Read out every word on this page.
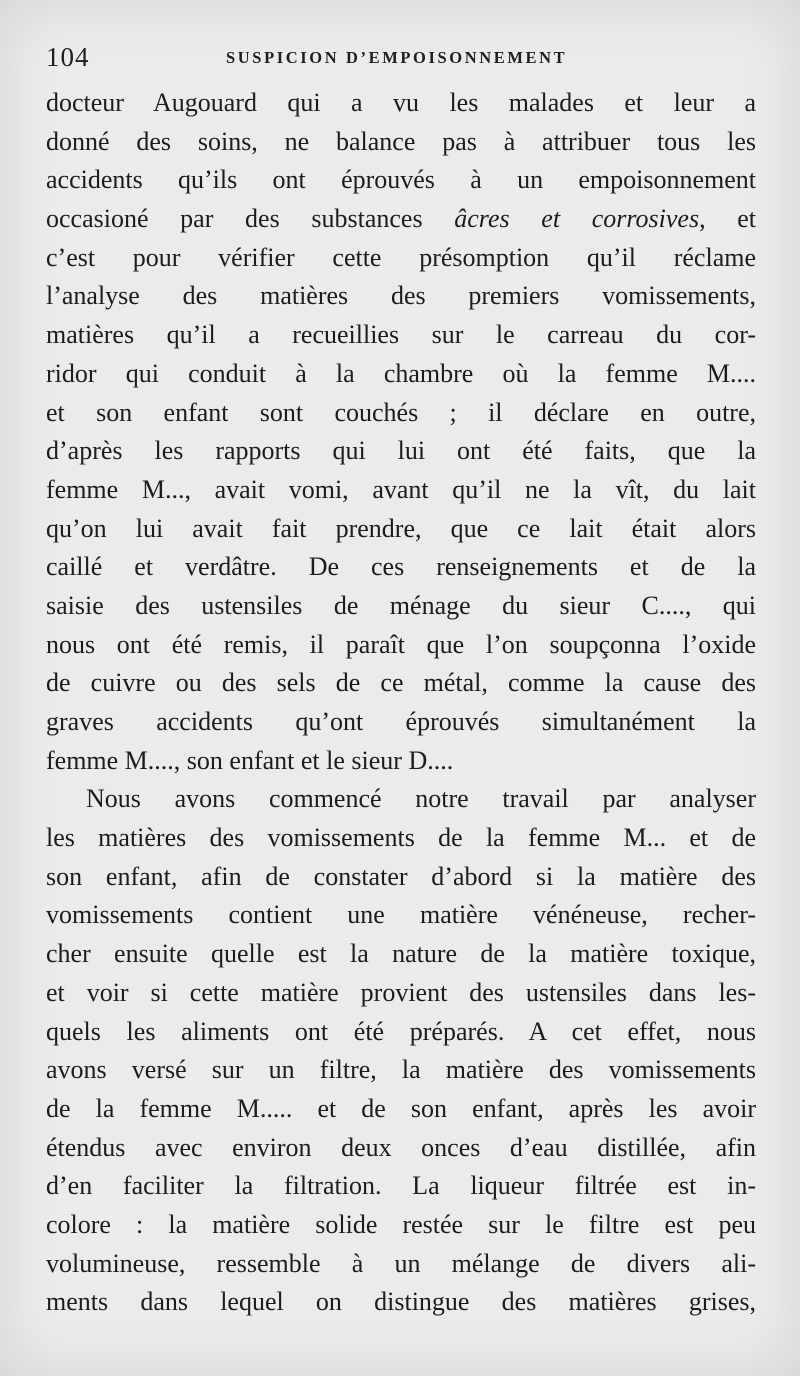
104	SUSPICION D’EMPOISONNEMENT
docteur Augouard qui a vu les malades et leur a
donné des soins, ne balance pas à attribuer tous les
accidents qu’ils ont éprouvés à un empoisonnement
occasioné par des substances âcres et corrosives, et
c’est pour vérifier cette présomption qu’il réclame
l’analyse des matières des premiers vomissements,
matières qu’il a recueillies sur le carreau du cor-
ridor qui conduit à la chambre où la femme M....
et son enfant sont couchés ; il déclare en outre,
d’après les rapports qui lui ont été faits, que la
femme M..., avait vomi, avant qu’il ne la vît, du lait
qu’on lui avait fait prendre, que ce lait était alors
caillé et verdâtre. De ces renseignements et de la
saisie des ustensiles de ménage du sieur C...., qui
nous ont été remis, il paraît que l’on soupçonna l’oxide
de cuivre ou des sels de ce métal, comme la cause des
graves accidents qu’ont éprouvés simultanément la
femme M...., son enfant et le sieur D....
Nous avons commencé notre travail par analyser
les matières des vomissements de la femme M... et de
son enfant, afin de constater d’abord si la matière des
vomissements contient une matière vénéneuse, recher-
cher ensuite quelle est la nature de la matière toxique,
et voir si cette matière provient des ustensiles dans les-
quels les aliments ont été préparés. A cet effet, nous
avons versé sur un filtre, la matière des vomissements
de la femme M..... et de son enfant, après les avoir
étendus avec environ deux onces d’eau distillée, afin
d’en faciliter la filtration. La liqueur filtrée est in-
colore : la matière solide restée sur le filtre est peu
volumineuse, ressemble à un mélange de divers ali-
ments dans lequel on distingue des matières grises,
